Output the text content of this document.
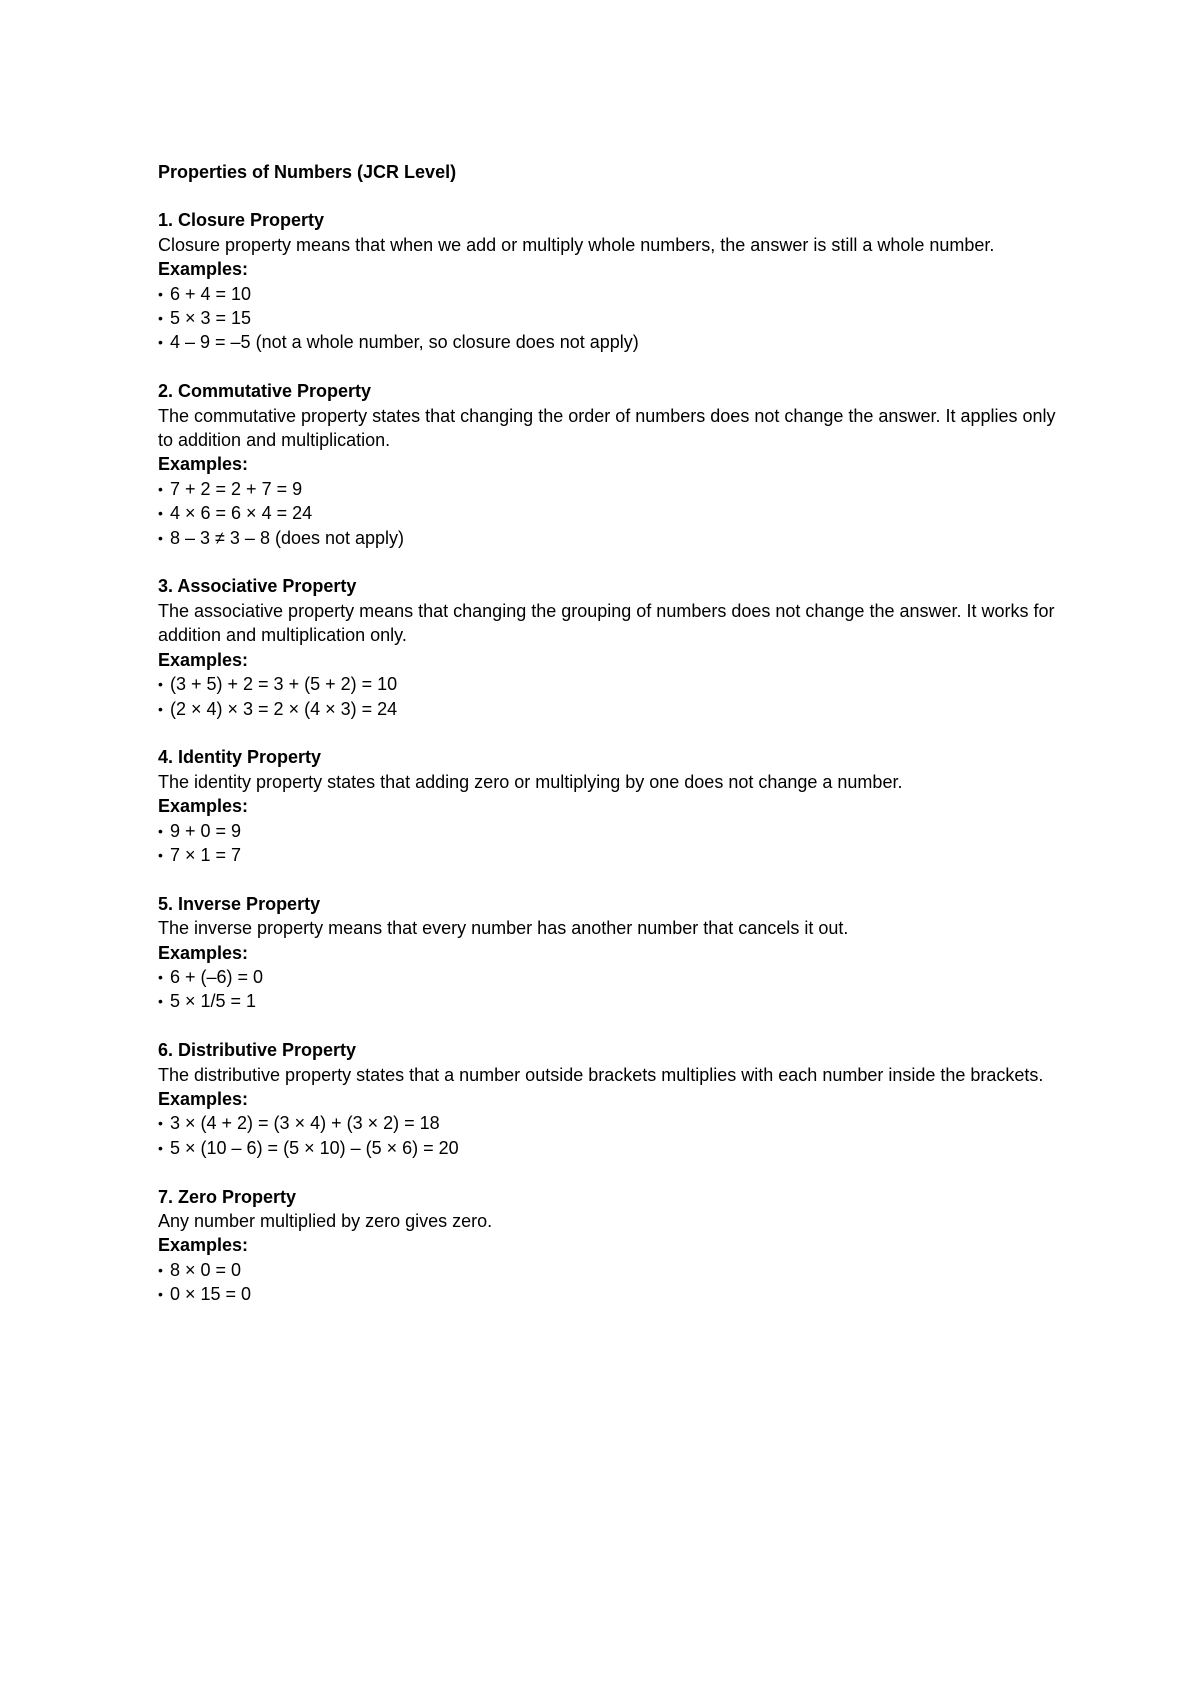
Properties of Numbers (JCR Level)
1. Closure Property
Closure property means that when we add or multiply whole numbers, the answer is still a whole number.
Examples:
• 6 + 4 = 10
• 5 × 3 = 15
• 4 – 9 = –5 (not a whole number, so closure does not apply)
2. Commutative Property
The commutative property states that changing the order of numbers does not change the answer. It applies only to addition and multiplication.
Examples:
• 7 + 2 = 2 + 7 = 9
• 4 × 6 = 6 × 4 = 24
• 8 – 3 ≠ 3 – 8 (does not apply)
3. Associative Property
The associative property means that changing the grouping of numbers does not change the answer. It works for addition and multiplication only.
Examples:
• (3 + 5) + 2 = 3 + (5 + 2) = 10
• (2 × 4) × 3 = 2 × (4 × 3) = 24
4. Identity Property
The identity property states that adding zero or multiplying by one does not change a number.
Examples:
• 9 + 0 = 9
• 7 × 1 = 7
5. Inverse Property
The inverse property means that every number has another number that cancels it out.
Examples:
• 6 + (–6) = 0
• 5 × 1/5 = 1
6. Distributive Property
The distributive property states that a number outside brackets multiplies with each number inside the brackets.
Examples:
• 3 × (4 + 2) = (3 × 4) + (3 × 2) = 18
• 5 × (10 – 6) = (5 × 10) – (5 × 6) = 20
7. Zero Property
Any number multiplied by zero gives zero.
Examples:
• 8 × 0 = 0
• 0 × 15 = 0
